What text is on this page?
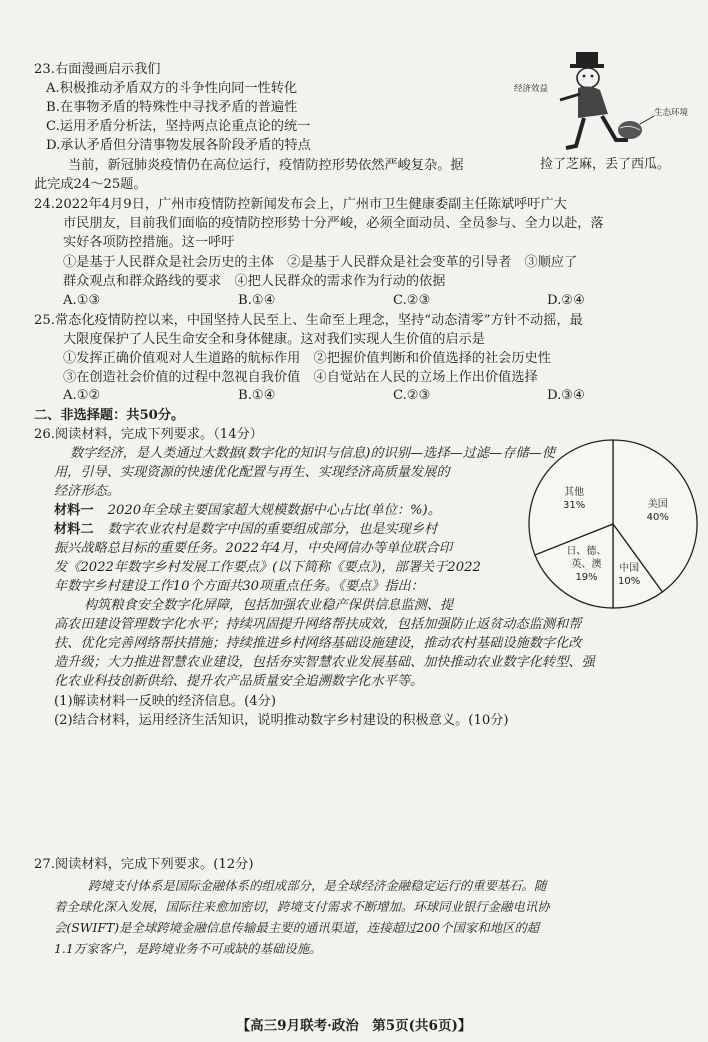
23.右面漫画启示我们
A.积极推动矛盾双方的斗争性向同一性转化
B.在事物矛盾的特殊性中寻找矛盾的普遍性
C.运用矛盾分析法，坚持两点论重点论的统一
D.承认矛盾但分清事物发展各阶段矛盾的特点
经济效益
生态环境
捡了芝麻，丢了西瓜。
当前，新冠肺炎疫情仍在高位运行，疫情防控形势依然严峻复杂。据
此完成24～25题。
24.2022年4月9日，广州市疫情防控新闻发布会上，广州市卫生健康委副主任陈斌呼吁广大
市民朋友，目前我们面临的疫情防控形势十分严峻，必须全面动员、全员参与、全力以赴，落
实好各项防控措施。这一呼吁
①是基于人民群众是社会历史的主体　②是基于人民群众是社会变革的引导者　③顺应了
群众观点和群众路线的要求　④把人民群众的需求作为行动的依据
A.①③	B.①④	C.②③	D.②④
25.常态化疫情防控以来，中国坚持人民至上、生命至上理念，坚持“动态清零”方针不动摇，最
大限度保护了人民生命安全和身体健康。这对我们实现人生价值的启示是
①发挥正确价值观对人生道路的航标作用　②把握价值判断和价值选择的社会历史性
③在创造社会价值的过程中忽视自我价值　④自觉站在人民的立场上作出价值选择
A.①②	B.①④	C.②③	D.③④
二、非选择题：共50分。
26.阅读材料，完成下列要求。（14分）
数字经济，是人类通过大数据(数字化的知识与信息)的识别—选择—过滤—存储—使
用，引导、实现资源的快速优化配置与再生、实现经济高质量发展的
经济形态。
材料一 2020年全球主要国家超大规模数据中心占比(单位：%)。
材料二 数字农业农村是数字中国的重要组成部分，也是实现乡村
振兴战略总目标的重要任务。2022年4月，中央网信办等单位联合印
发《2022年数字乡村发展工作要点》(以下简称《要点》)，部署关于2022
年数字乡村建设工作10个方面共30项重点任务。《要点》指出：
构筑粮食安全数字化屏障，包括加强农业稳产保供信息监测、提
高农田建设管理数字化水平；持续巩固提升网络帮扶成效，包括加强防止返贫动态监测和帮
扶、优化完善网络帮扶措施；持续推进乡村网络基础设施建设，推动农村基础设施数字化改
造升级；大力推进智慧农业建设，包括夯实智慧农业发展基础、加快推动农业数字化转型、强
化农业科技创新供给、提升农产品质量安全追溯数字化水平等。
(1)解读材料一反映的经济信息。(4分)
(2)结合材料，运用经济生活知识，说明推动数字乡村建设的积极意义。(10分)
美国
40%
中国
10%
日、德、
英、澳
19%
其他
31%
27.阅读材料，完成下列要求。(12分)
跨境支付体系是国际金融体系的组成部分，是全球经济金融稳定运行的重要基石。随
着全球化深入发展，国际往来愈加密切，跨境支付需求不断增加。环球同业银行金融电讯协
会(SWIFT)是全球跨境金融信息传输最主要的通讯渠道，连接超过200个国家和地区的超
1.1万家客户，是跨境业务不可或缺的基础设施。
【高三9月联考·政治　第5页(共6页)】
